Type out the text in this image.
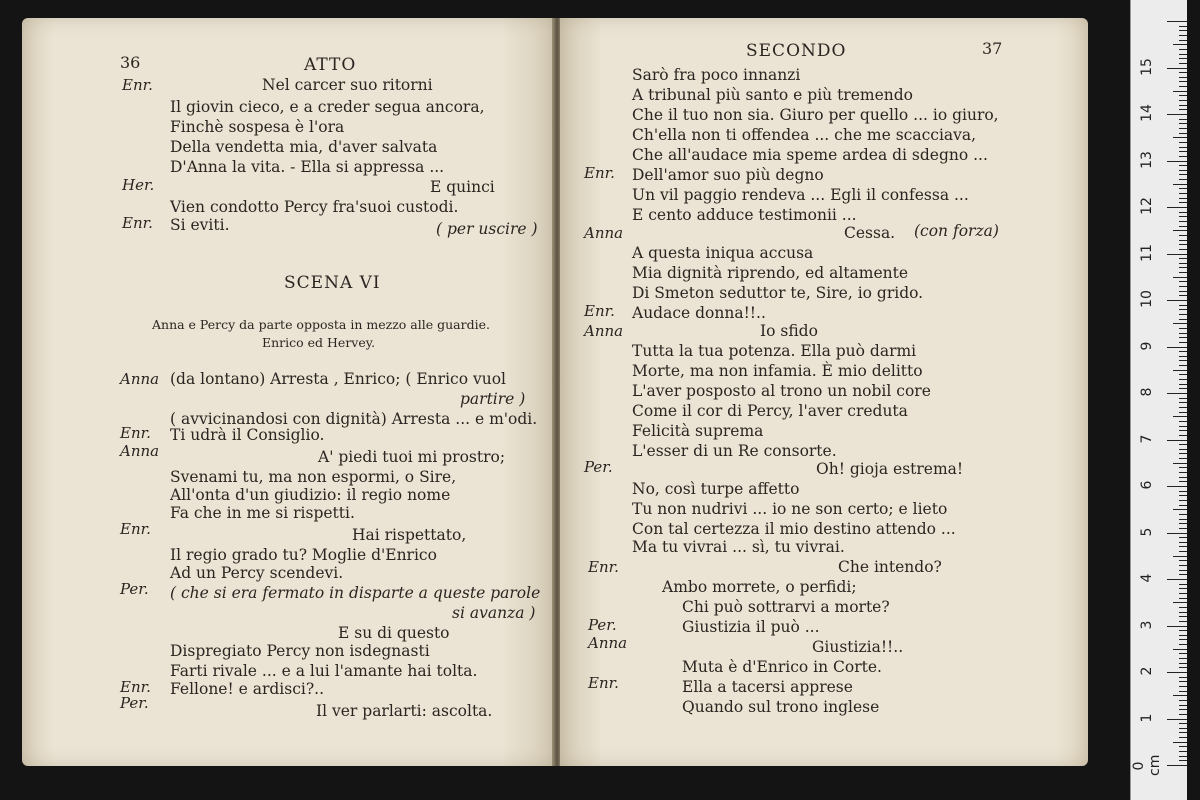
36	ATTO
Enr.	Nel carcer suo ritorni
Il giovin cieco, e a creder segua ancora,
Finchè sospesa è l'ora
Della vendetta mia, d'aver salvata
D'Anna la vita. - Ella si appressa ...
Her.	E quinci
Vien condotto Percy fra'suoi custodi.
Enr. Si eviti.	( per uscire )
SCENA VI
Anna e Percy da parte opposta in mezzo alle guardie.
Enrico ed Hervey.
Anna (da lontano) Arresta , Enrico; ( Enrico vuol
partire )
( avvicinandosi con dignità) Arresta ... e m'odi.
Enr. Ti udrà il Consiglio.
Anna	A' piedi tuoi mi prostro;
Svenami tu, ma non espormi, o Sire,
All'onta d'un giudizio: il regio nome
Fa che in me si rispetti.
Enr.	Hai rispettato,
Il regio grado tu? Moglie d'Enrico
Ad un Percy scendevi.
Per. ( che si era fermato in disparte a queste parole
si avanza )
E su di questo
Dispregiato Percy non isdegnasti
Farti rivale ... e a lui l'amante hai tolta.
Enr. Fellone! e ardisci?..
Per.	Il ver parlarti: ascolta.
SECONDO	37
Sarò fra poco innanzi
A tribunal più santo e più tremendo
Che il tuo non sia. Giuro per quello ... io giuro,
Ch'ella non ti offendea ... che me scacciava,
Che all'audace mia speme ardea di sdegno ...
Enr. Dell'amor suo più degno
Un vil paggio rendeva ... Egli il confessa ...
E cento adduce testimonii ...
Anna	Cessa. (con forza)
A questa iniqua accusa
Mia dignità riprendo, ed altamente
Di Smeton seduttor te, Sire, io grido.
Enr. Audace donna!!..
Anna	Io sfido
Tutta la tua potenza. Ella può darmi
Morte, ma non infamia. È mio delitto
L'aver posposto al trono un nobil core
Come il cor di Percy, l'aver creduta
Felicità suprema
L'esser di un Re consorte.
Per.	Oh! gioja estrema!
No, così turpe affetto
Tu non nudrivi ... io ne son certo; e lieto
Con tal certezza il mio destino attendo ...
Ma tu vivrai ... sì, tu vivrai.
Enr.	Che intendo?
Ambo morrete, o perfidi;
Chi può sottrarvi a morte?
Per.	Giustizia il può ...
Anna	Giustizia!!..
Muta è d'Enrico in Corte.
Enr.	Ella a tacersi apprese
Quando sul trono inglese
0 cm
1
2
3
4
5
6
7
8
9
10
11
12
13
14
15
